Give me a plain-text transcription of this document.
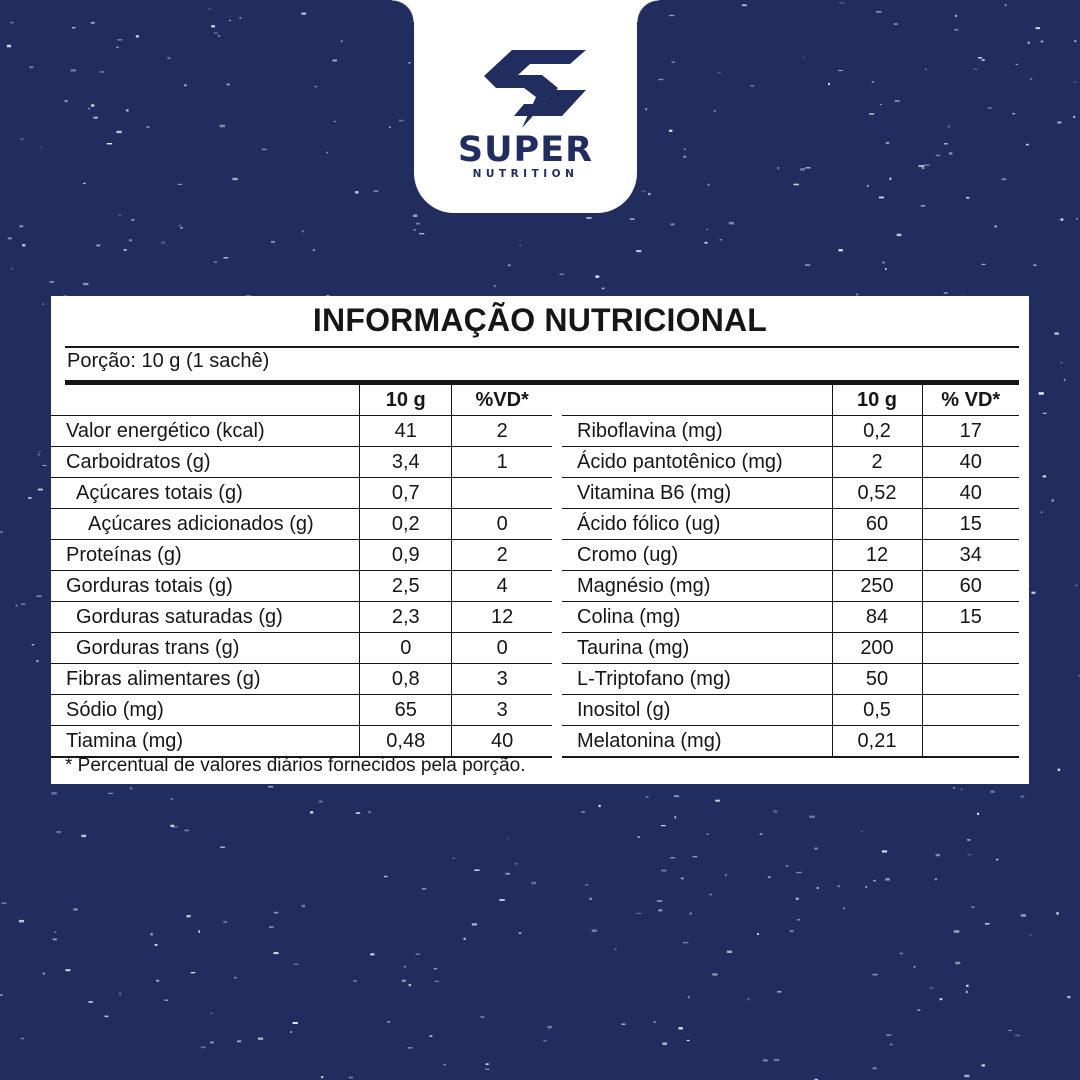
SUPER
NUTRITION
INFORMAÇÃO NUTRICIONAL
Porção: 10 g (1 sachê)
	10 g	%VD*
Valor energético (kcal)	41	2
Carboidratos (g)	3,4	1
Açúcares totais (g)	0,7	
Açúcares adicionados (g)	0,2	0
Proteínas (g)	0,9	2
Gorduras totais (g)	2,5	4
Gorduras saturadas (g)	2,3	12
Gorduras trans (g)	0	0
Fibras alimentares (g)	0,8	3
Sódio (mg)	65	3
Tiamina (mg)	0,48	40
	10 g	% VD*
Riboflavina (mg)	0,2	17
Ácido pantotênico (mg)	2	40
Vitamina B6 (mg)	0,52	40
Ácido fólico (ug)	60	15
Cromo (ug)	12	34
Magnésio (mg)	250	60
Colina (mg)	84	15
Taurina (mg)	200	
L-Triptofano (mg)	50	
Inositol (g)	0,5	
Melatonina (mg)	0,21	
* Percentual de valores diários fornecidos pela porção.
